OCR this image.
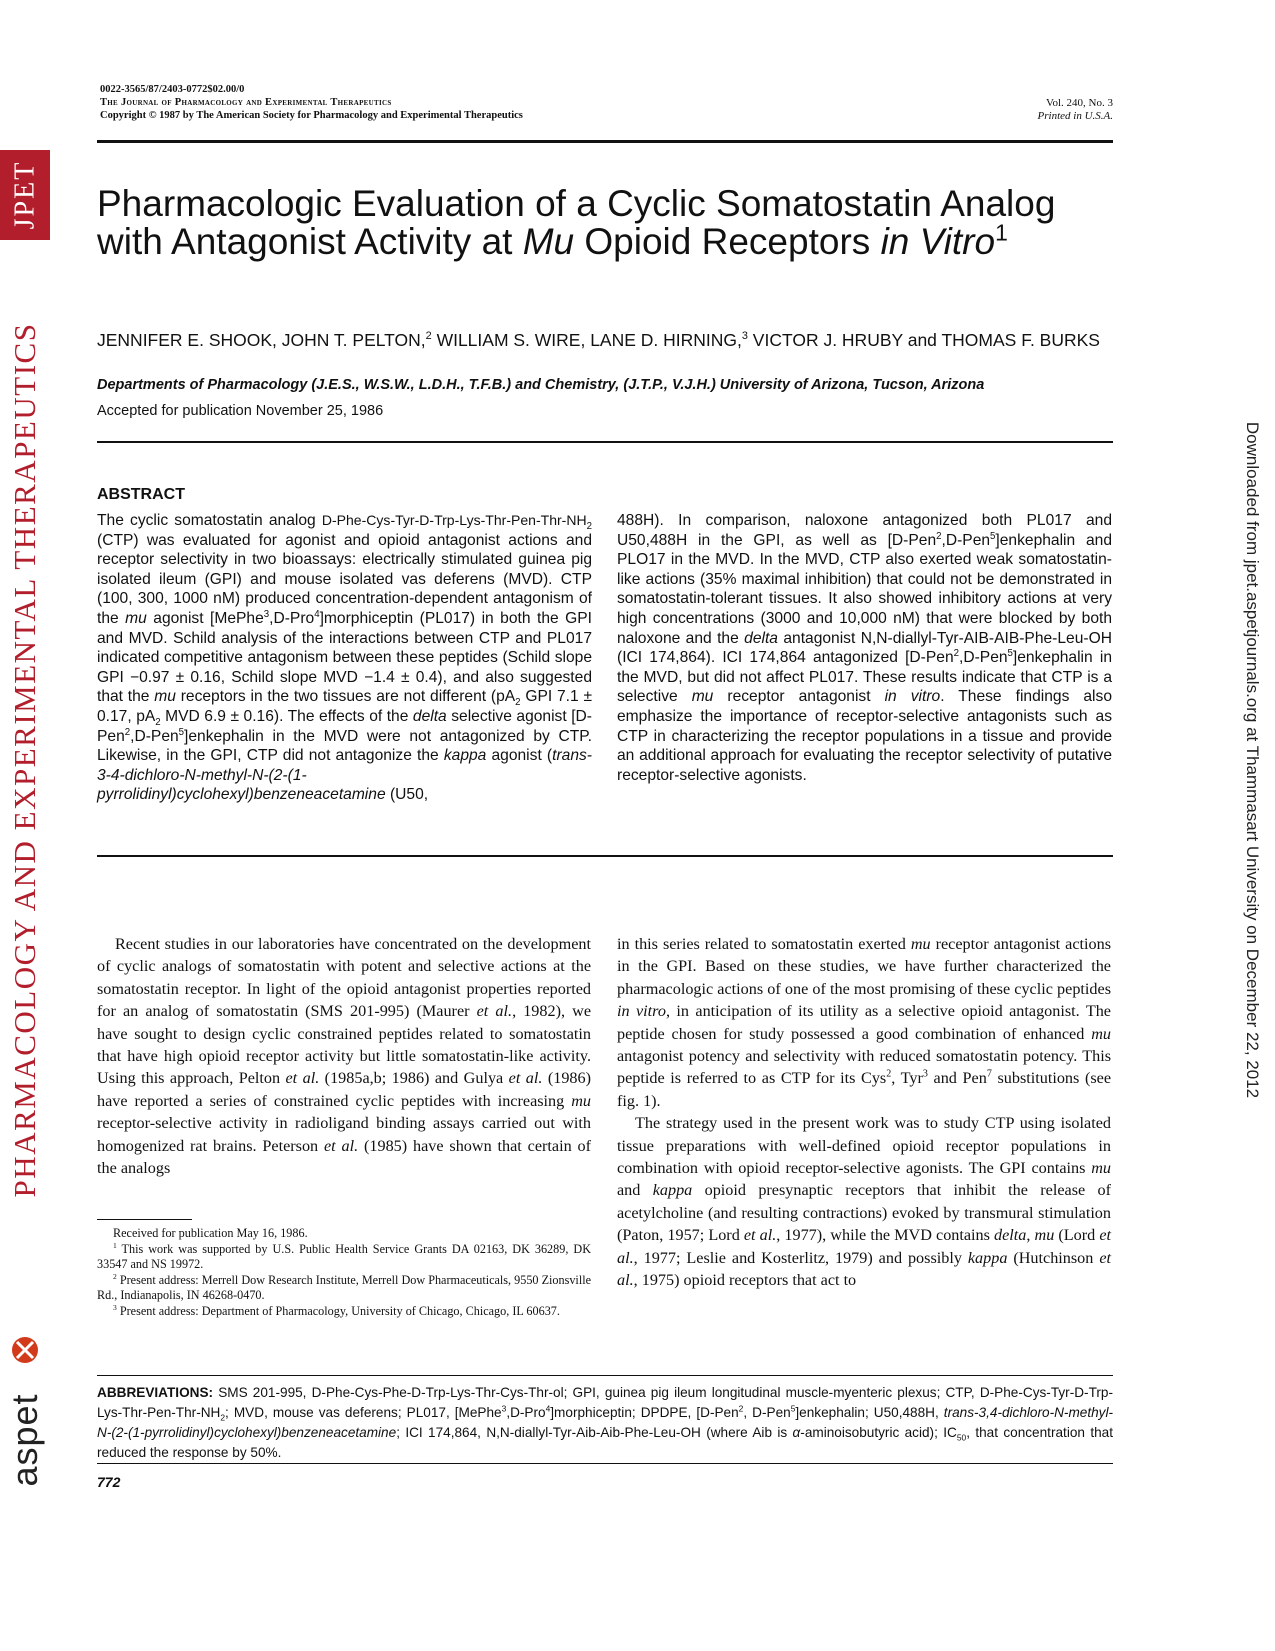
JPET
PHARMACOLOGY AND EXPERIMENTAL THERAPEUTICS
aspet
Downloaded from jpet.aspetjournals.org at Thammasart University on December 22, 2012
0022-3565/87/2403-0772$02.00/0
The Journal of Pharmacology and Experimental Therapeutics
Copyright © 1987 by The American Society for Pharmacology and Experimental Therapeutics
Vol. 240, No. 3
Printed in U.S.A.
Pharmacologic Evaluation of a Cyclic Somatostatin Analog with Antagonist Activity at Mu Opioid Receptors in Vitro$^1$
JENNIFER E. SHOOK, JOHN T. PELTON,$^2$ WILLIAM S. WIRE, LANE D. HIRNING,$^3$ VICTOR J. HRUBY and THOMAS F. BURKS
Departments of Pharmacology (J.E.S., W.S.W., L.D.H., T.F.B.) and Chemistry, (J.T.P., V.J.H.) University of Arizona, Tucson, Arizona
Accepted for publication November 25, 1986
ABSTRACT
The cyclic somatostatin analog $D-Phe-Cys-Tyr-D-Trp-Lys-Thr-Pen-Thr-NH_2$ (CTP) was evaluated for agonist and opioid antagonist actions and receptor selectivity in two bioassays: electrically stimulated guinea pig isolated ileum (GPI) and mouse isolated vas deferens (MVD). CTP (100, 300, 1000 nM) produced concentration-dependent antagonism of the mu agonist [MePhe$^3$,D-Pro$^4$]morphiceptin (PL017) in both the GPI and MVD. Schild analysis of the interactions between CTP and PL017 indicated competitive antagonism between these peptides (Schild slope GPI −0.97 ± 0.16, Schild slope MVD −1.4 ± 0.4), and also suggested that the mu receptors in the two tissues are not different ($pA_2$ GPI 7.1 ± 0.17, $pA_2$ MVD 6.9 ± 0.16). The effects of the delta selective agonist [D-Pen$^2$,D-Pen$^5$]enkephalin in the MVD were not antagonized by CTP. Likewise, in the GPI, CTP did not antagonize the kappa agonist (trans-3-4-dichloro-N-methyl-N-(2-(1-pyrrolidinyl)cyclohexyl)benzeneacetamine (U50,
488H). In comparison, naloxone antagonized both PL017 and U50,488H in the GPI, as well as [D-Pen$^2$,D-Pen$^5$]enkephalin and PLO17 in the MVD. In the MVD, CTP also exerted weak somatostatin-like actions (35% maximal inhibition) that could not be demonstrated in somatostatin-tolerant tissues. It also showed inhibitory actions at very high concentrations (3000 and 10,000 nM) that were blocked by both naloxone and the delta antagonist N,N-diallyl-Tyr-AIB-AIB-Phe-Leu-OH (ICI 174,864). ICI 174,864 antagonized [D-Pen$^2$,D-Pen$^5$]enkephalin in the MVD, but did not affect PL017. These results indicate that CTP is a selective mu receptor antagonist in vitro. These findings also emphasize the importance of receptor-selective antagonists such as CTP in characterizing the receptor populations in a tissue and provide an additional approach for evaluating the receptor selectivity of putative receptor-selective agonists.

Recent studies in our laboratories have concentrated on the development of cyclic analogs of somatostatin with potent and selective actions at the somatostatin receptor. In light of the opioid antagonist properties reported for an analog of somatostatin (SMS 201-995) (Maurer et al., 1982), we have sought to design cyclic constrained peptides related to somatostatin that have high opioid receptor activity but little somatostatin-like activity. Using this approach, Pelton et al. (1985a,b; 1986) and Gulya et al. (1986) have reported a series of constrained cyclic peptides with increasing mu receptor-selective activity in radioligand binding assays carried out with homogenized rat brains. Peterson et al. (1985) have shown that certain of the analogs

in this series related to somatostatin exerted mu receptor antagonist actions in the GPI. Based on these studies, we have further characterized the pharmacologic actions of one of the most promising of these cyclic peptides in vitro, in anticipation of its utility as a selective opioid antagonist. The peptide chosen for study possessed a good combination of enhanced mu antagonist potency and selectivity with reduced somatostatin potency. This peptide is referred to as CTP for its Cys$^2$, Tyr$^3$ and Pen$^7$ substitutions (see fig. 1).

The strategy used in the present work was to study CTP using isolated tissue preparations with well-defined opioid receptor populations in combination with opioid receptor-selective agonists. The GPI contains mu and kappa opioid presynaptic receptors that inhibit the release of acetylcholine (and resulting contractions) evoked by transmural stimulation (Paton, 1957; Lord et al., 1977), while the MVD contains delta, mu (Lord et al., 1977; Leslie and Kosterlitz, 1979) and possibly kappa (Hutchinson et al., 1975) opioid receptors that act to

Received for publication May 16, 1986.

$^1$ This work was supported by U.S. Public Health Service Grants DA 02163, DK 36289, DK 33547 and NS 19972.

$^2$ Present address: Merrell Dow Research Institute, Merrell Dow Pharmaceuticals, 9550 Zionsville Rd., Indianapolis, IN 46268-0470.

$^3$ Present address: Department of Pharmacology, University of Chicago, Chicago, IL 60637.

ABBREVIATIONS: SMS 201-995, D-Phe-Cys-Phe-D-Trp-Lys-Thr-Cys-Thr-ol; GPI, guinea pig ileum longitudinal muscle-myenteric plexus; CTP, $D-Phe-Cys-Tyr-D-Trp-Lys-Thr-Pen-Thr-NH_2$; MVD, mouse vas deferens; PL017, [MePhe$^3$,D-Pro$^4$]morphiceptin; DPDPE, [D-Pen$^2$, D-Pen$^5$]enkephalin; U50,488H, trans-3,4-dichloro-N-methyl-N-(2-(1-pyrrolidinyl)cyclohexyl)benzeneacetamine; ICI 174,864, N,N-diallyl-Tyr-Aib-Aib-Phe-Leu-OH (where Aib is α-aminoisobutyric acid); $IC_{50}$, that concentration that reduced the response by 50%.
772
